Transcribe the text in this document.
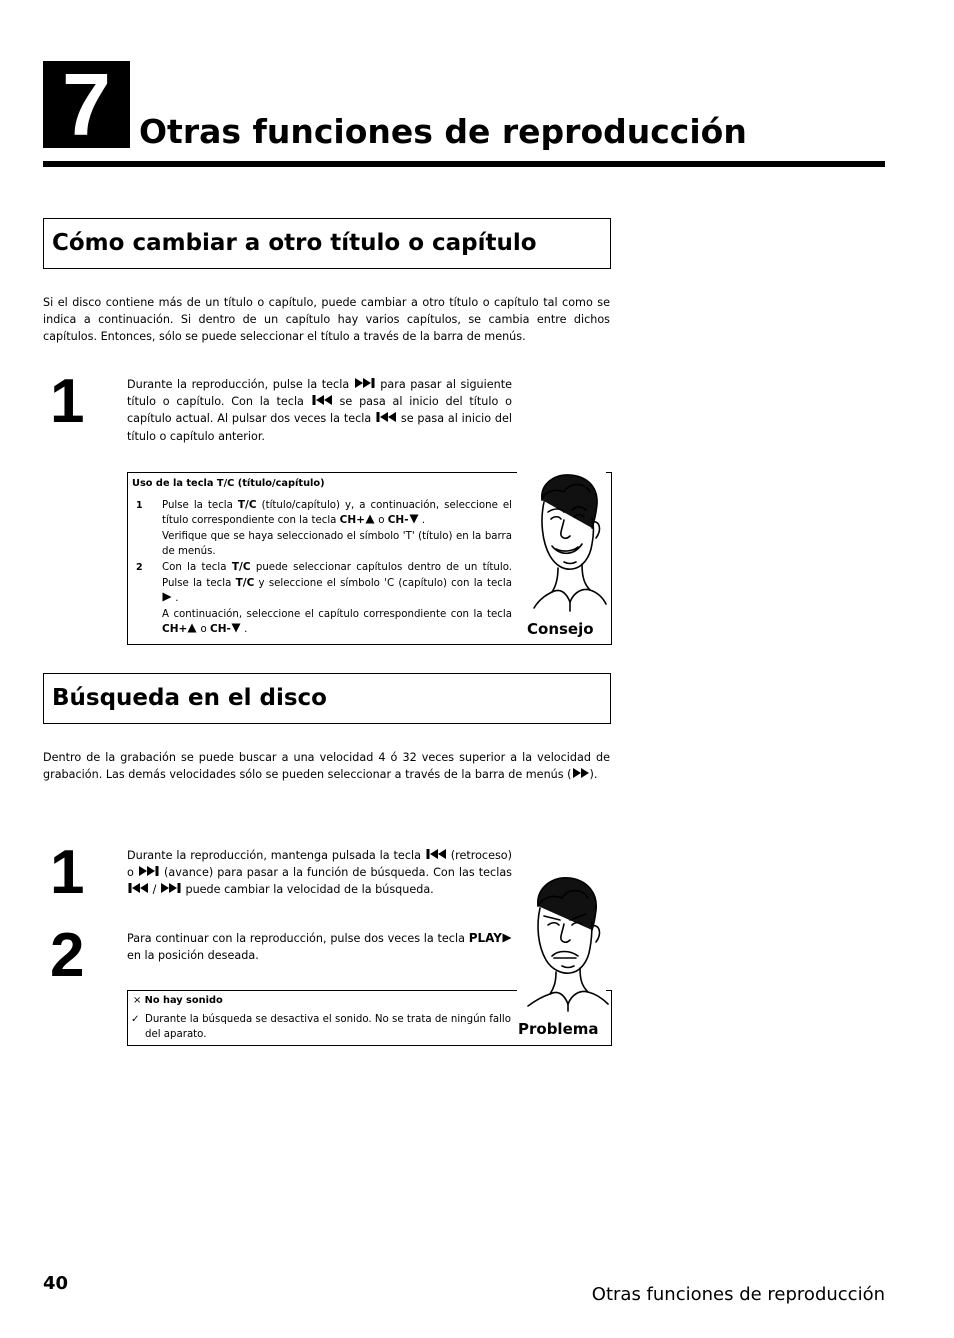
7 Otras funciones de reproducción
Cómo cambiar a otro título o capítulo
Si el disco contiene más de un título o capítulo, puede cambiar a otro título o capítulo tal como se indica a continuación. Si dentro de un capítulo hay varios capítulos, se cambia entre dichos capítulos. Entonces, sólo se puede seleccionar el título a través de la barra de menús.
1	Durante la reproducción, pulse la tecla	para pasar al siguiente título o capítulo. Con la tecla	se pasa al inicio del título o capítulo actual. Al pulsar dos veces la tecla	se pasa al inicio del título o capítulo anterior.
Uso de la tecla T/C (título/capítulo)
1 Pulse la tecla T/C (título/capítulo) y, a continuación, seleccione el título correspondiente con la tecla CH+ o CH- .
Verifique que se haya seleccionado el símbolo 'T' (título) en la barra de menús.
2 Con la tecla T/C puede seleccionar capítulos dentro de un título. Pulse la tecla T/C y seleccione el símbolo 'C (capítulo) con la tecla  .
A continuación, seleccione el capítulo correspondiente con la tecla CH+ o CH- .	Consejo
Búsqueda en el disco
Dentro de la grabación se puede buscar a una velocidad 4 ó 32 veces superior a la velocidad de grabación. Las demás velocidades sólo se pueden seleccionar a través de la barra de menús ( ).
1	Durante la reproducción, mantenga pulsada la tecla	(retroceso) o	(avance) para pasar a la función de búsqueda. Con las teclas  /	puede cambiar la velocidad de la búsqueda.
2	Para continuar con la reproducción, pulse dos veces la tecla PLAY en la posición deseada.
× No hay sonido
✓ Durante la búsqueda se desactiva el sonido. No se trata de ningún fallo del aparato.	Problema
40
Otras funciones de reproducción
